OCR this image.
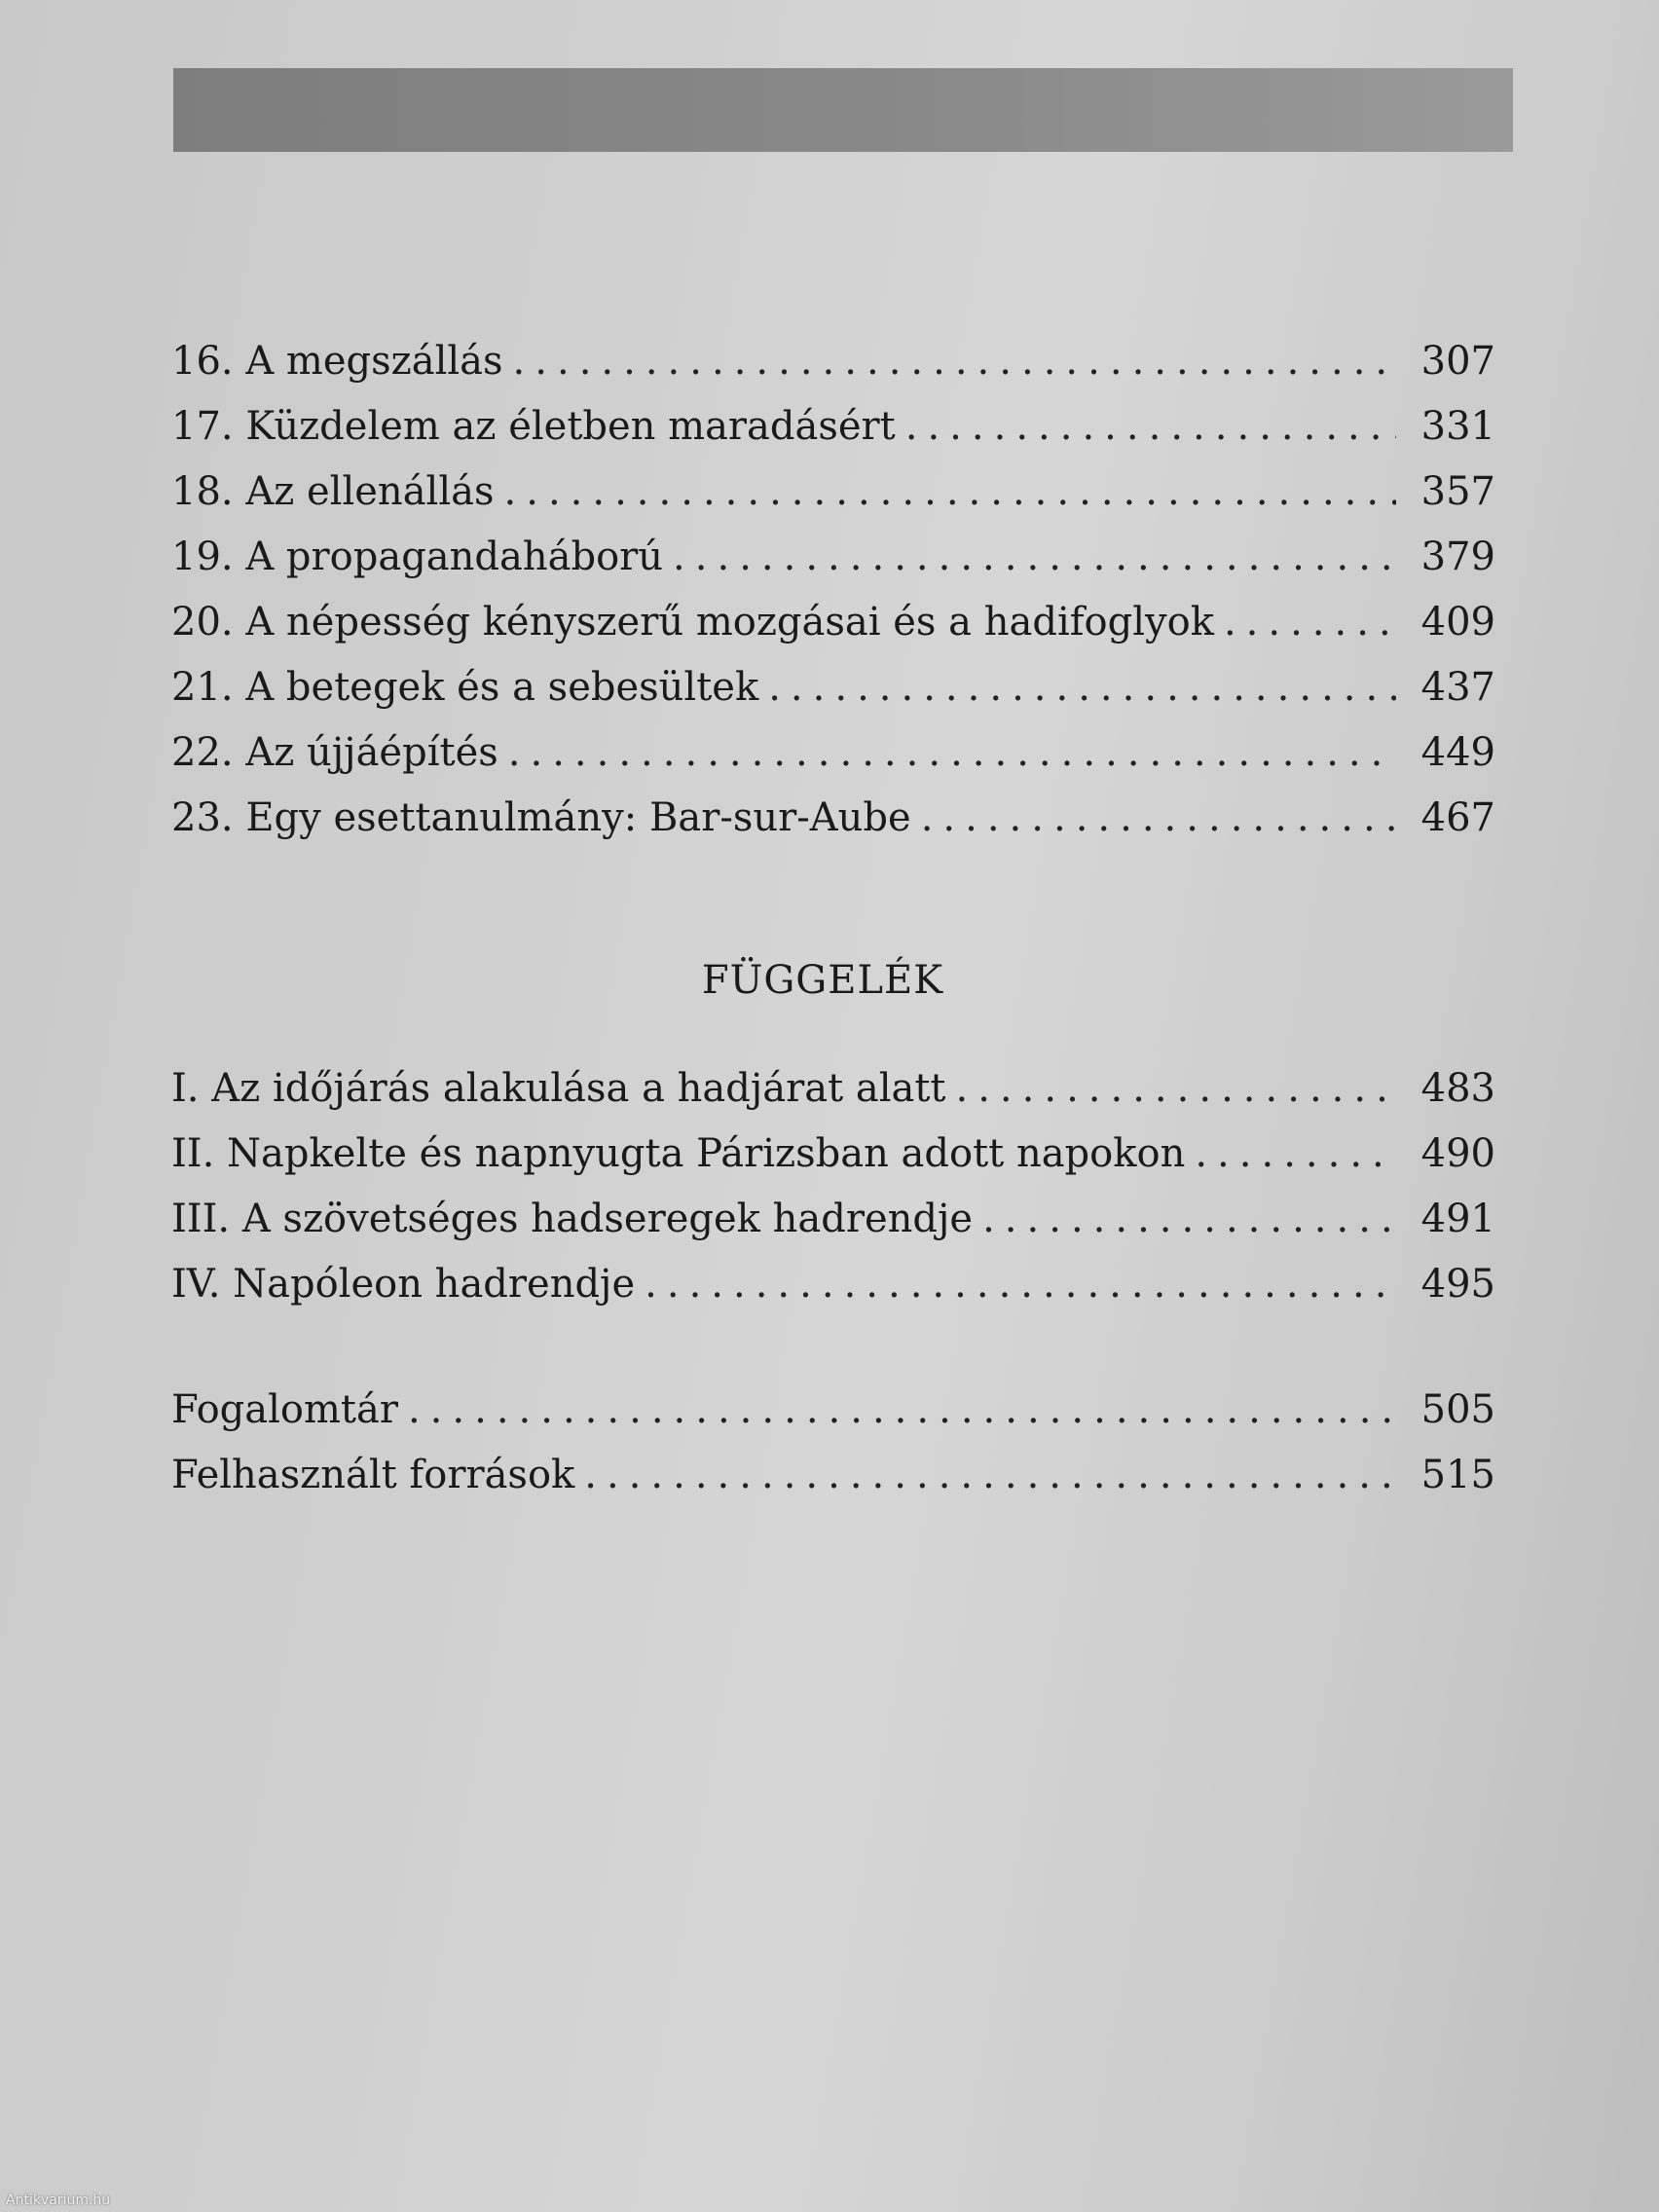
16. A megszállás .....	307
17. Küzdelem az életben maradásért .....	331
18. Az ellenállás .....	357
19. A propagandaháború .....	379
20. A népesség kényszerű mozgásai és a hadifoglyok .....	409
21. A betegek és a sebesültek .....	437
22. Az újjáépítés .....	449
23. Egy esettanulmány: Bar-sur-Aube .....	467
FÜGGELÉK
I. Az időjárás alakulása a hadjárat alatt .....	483
II. Napkelte és napnyugta Párizsban adott napokon .....	490
III. A szövetséges hadseregek hadrendje .....	491
IV. Napóleon hadrendje .....	495
Fogalomtár .....	505
Felhasznált források .....	515
Antikvarium.hu
